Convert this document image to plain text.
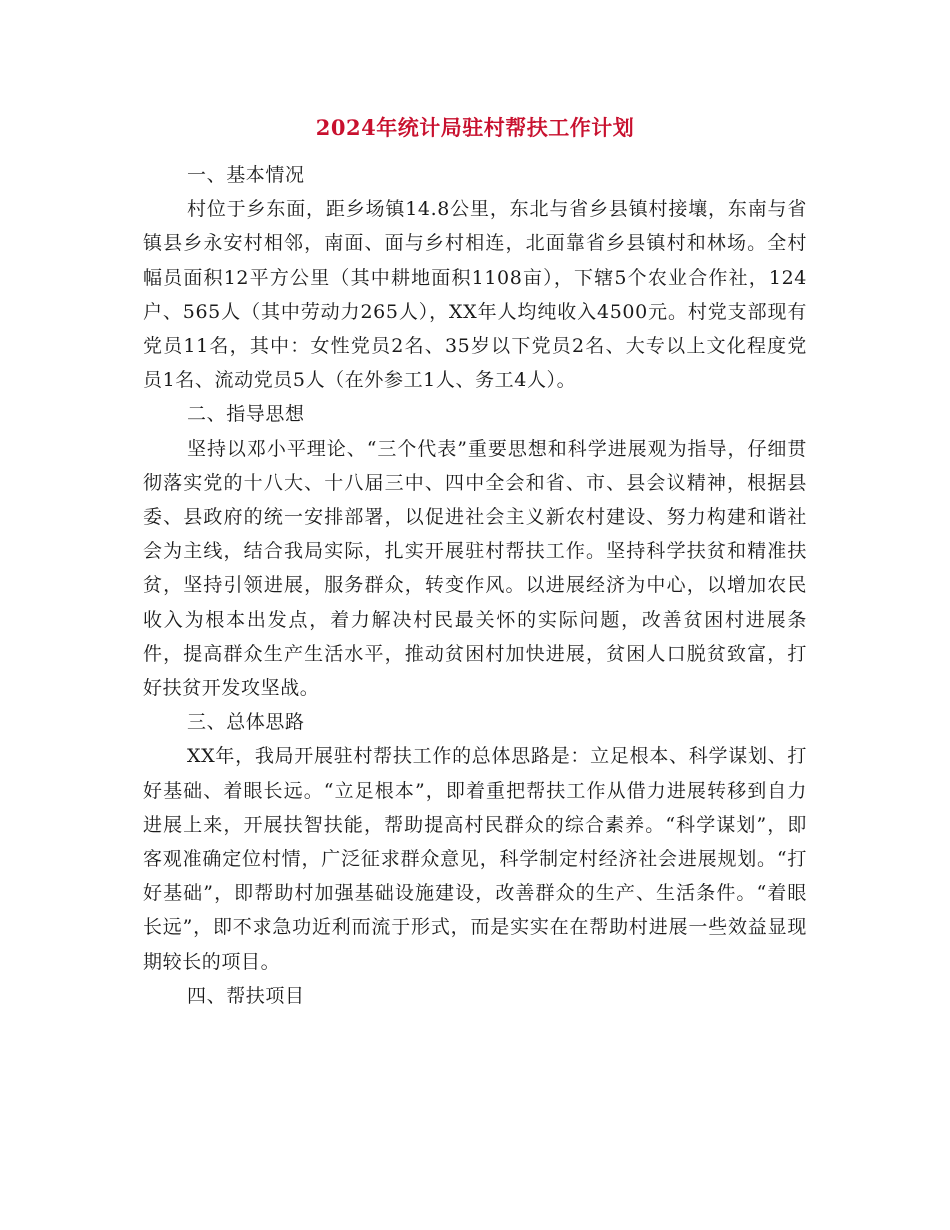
2024年统计局驻村帮扶工作计划

一、基本情况

村位于乡东面，距乡场镇14.8公里，东北与省乡县镇村接壤，东南与省镇县乡永安村相邻，南面、面与乡村相连，北面靠省乡县镇村和林场。全村幅员面积12平方公里（其中耕地面积1108亩），下辖5个农业合作社，124户、565人（其中劳动力265人），XX年人均纯收入4500元。村党支部现有党员11名，其中：女性党员2名、35岁以下党员2名、大专以上文化程度党员1名、流动党员5人（在外参工1人、务工4人）。

二、指导思想

坚持以邓小平理论、“三个代表”重要思想和科学进展观为指导，仔细贯彻落实党的十八大、十八届三中、四中全会和省、市、县会议精神，根据县委、县政府的统一安排部署，以促进社会主义新农村建设、努力构建和谐社会为主线，结合我局实际，扎实开展驻村帮扶工作。坚持科学扶贫和精准扶贫，坚持引领进展，服务群众，转变作风。以进展经济为中心，以增加农民收入为根本出发点，着力解决村民最关怀的实际问题，改善贫困村进展条件，提高群众生产生活水平，推动贫困村加快进展，贫困人口脱贫致富，打好扶贫开发攻坚战。

三、总体思路

XX年，我局开展驻村帮扶工作的总体思路是：立足根本、科学谋划、打好基础、着眼长远。“立足根本”，即着重把帮扶工作从借力进展转移到自力进展上来，开展扶智扶能，帮助提高村民群众的综合素养。“科学谋划”，即客观准确定位村情，广泛征求群众意见，科学制定村经济社会进展规划。“打好基础”，即帮助村加强基础设施建设，改善群众的生产、生活条件。“着眼长远”，即不求急功近利而流于形式，而是实实在在帮助村进展一些效益显现期较长的项目。

四、帮扶项目
